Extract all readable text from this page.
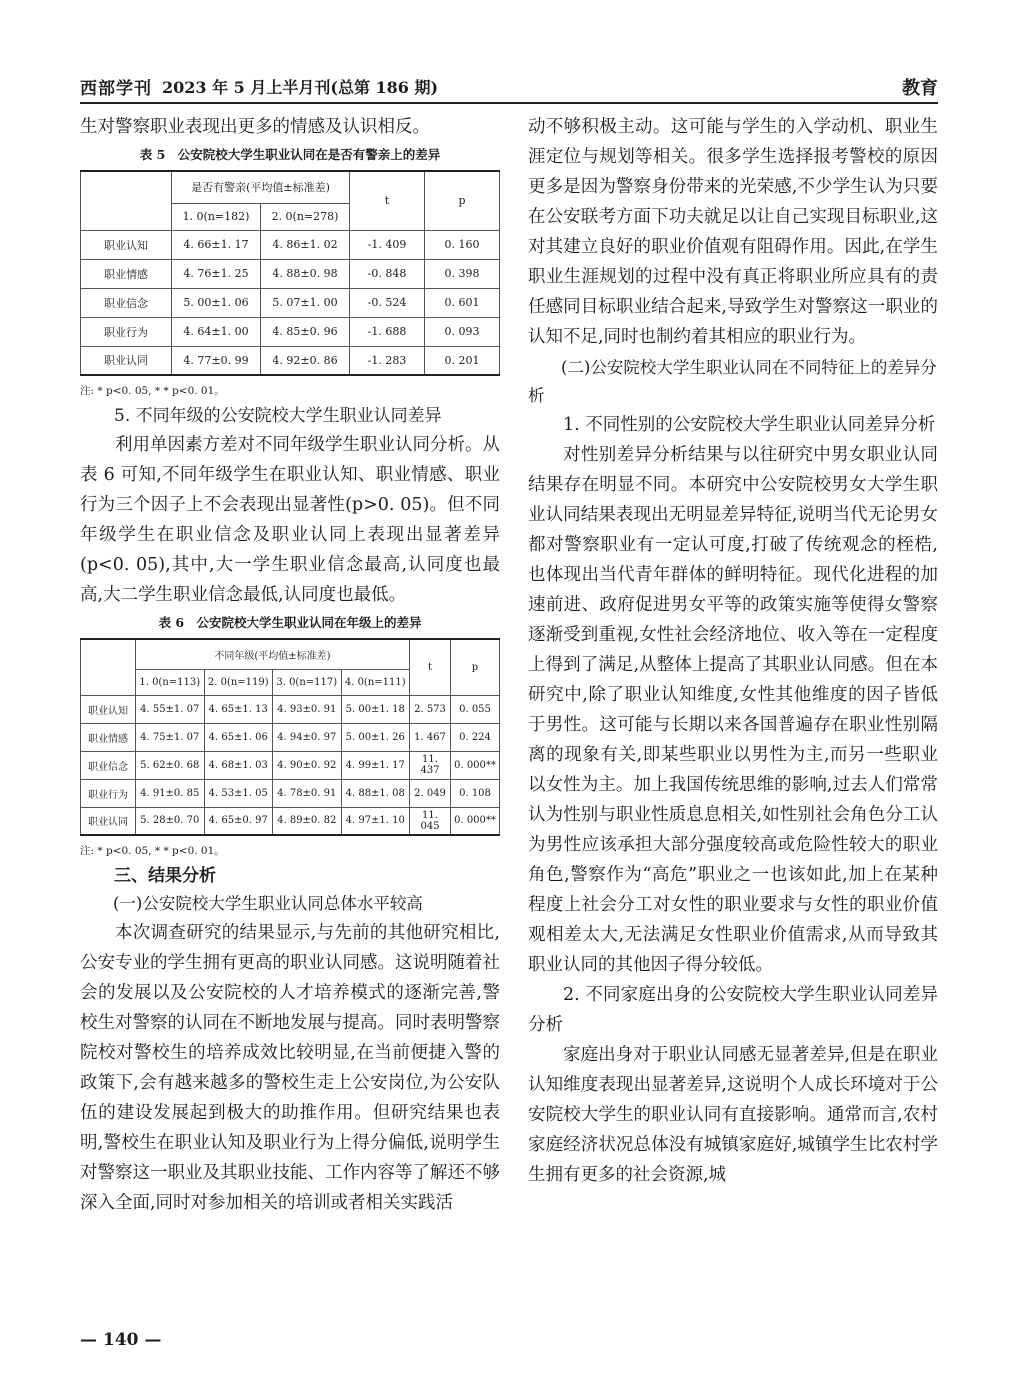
西部学刊 2023 年 5 月上半月刊(总第 186 期)	教育

生对警察职业表现出更多的情感及认识相反。

表 5　公安院校大学生职业认同在是否有警亲上的差异
	是否有警亲(平均值±标准差)		t	p
	1. 0(n=182)	2. 0(n=278)		
职业认知	4. 66±1. 17	4. 86±1. 02	-1. 409	0. 160
职业情感	4. 76±1. 25	4. 88±0. 98	-0. 848	0. 398
职业信念	5. 00±1. 06	5. 07±1. 00	-0. 524	0. 601
职业行为	4. 64±1. 00	4. 85±0. 96	-1. 688	0. 093
职业认同	4. 77±0. 99	4. 92±0. 86	-1. 283	0. 201
注: * p<0. 05, * * p<0. 01。

5. 不同年级的公安院校大学生职业认同差异

利用单因素方差对不同年级学生职业认同分析。从表 6 可知,不同年级学生在职业认知、职业情感、职业行为三个因子上不会表现出显著性(p>0. 05)。但不同年级学生在职业信念及职业认同上表现出显著差异(p<0. 05),其中,大一学生职业信念最高,认同度也最高,大二学生职业信念最低,认同度也最低。

表 6　公安院校大学生职业认同在年级上的差异
	不同年级(平均值±标准差)				t	p
	1. 0(n=113)	2. 0(n=119)	3. 0(n=117)	4. 0(n=111)		
职业认知	4. 55±1. 07	4. 65±1. 13	4. 93±0. 91	5. 00±1. 18	2. 573	0. 055
职业情感	4. 75±1. 07	4. 65±1. 06	4. 94±0. 97	5. 00±1. 26	1. 467	0. 224
职业信念	5. 62±0. 68	4. 68±1. 03	4. 90±0. 92	4. 99±1. 17	11. 437	0. 000**
职业行为	4. 91±0. 85	4. 53±1. 05	4. 78±0. 91	4. 88±1. 08	2. 049	0. 108
职业认同	5. 28±0. 70	4. 65±0. 97	4. 89±0. 82	4. 97±1. 10	11. 045	0. 000**
注: * p<0. 05, * * p<0. 01。

三、结果分析

(一)公安院校大学生职业认同总体水平较高

本次调查研究的结果显示,与先前的其他研究相比,公安专业的学生拥有更高的职业认同感。这说明随着社会的发展以及公安院校的人才培养模式的逐渐完善,警校生对警察的认同在不断地发展与提高。同时表明警察院校对警校生的培养成效比较明显,在当前便捷入警的政策下,会有越来越多的警校生走上公安岗位,为公安队伍的建设发展起到极大的助推作用。但研究结果也表明,警校生在职业认知及职业行为上得分偏低,说明学生对警察这一职业及其职业技能、工作内容等了解还不够深入全面,同时对参加相关的培训或者相关实践活

动不够积极主动。这可能与学生的入学动机、职业生涯定位与规划等相关。很多学生选择报考警校的原因更多是因为警察身份带来的光荣感,不少学生认为只要在公安联考方面下功夫就足以让自己实现目标职业,这对其建立良好的职业价值观有阻碍作用。因此,在学生职业生涯规划的过程中没有真正将职业所应具有的责任感同目标职业结合起来,导致学生对警察这一职业的认知不足,同时也制约着其相应的职业行为。

(二)公安院校大学生职业认同在不同特征上的差异分析

1. 不同性别的公安院校大学生职业认同差异分析

对性别差异分析结果与以往研究中男女职业认同结果存在明显不同。本研究中公安院校男女大学生职业认同结果表现出无明显差异特征,说明当代无论男女都对警察职业有一定认可度,打破了传统观念的桎梏,也体现出当代青年群体的鲜明特征。现代化进程的加速前进、政府促进男女平等的政策实施等使得女警察逐渐受到重视,女性社会经济地位、收入等在一定程度上得到了满足,从整体上提高了其职业认同感。但在本研究中,除了职业认知维度,女性其他维度的因子皆低于男性。这可能与长期以来各国普遍存在职业性别隔离的现象有关,即某些职业以男性为主,而另一些职业以女性为主。加上我国传统思维的影响,过去人们常常认为性别与职业性质息息相关,如性别社会角色分工认为男性应该承担大部分强度较高或危险性较大的职业角色,警察作为“高危”职业之一也该如此,加上在某种程度上社会分工对女性的职业要求与女性的职业价值观相差太大,无法满足女性职业价值需求,从而导致其职业认同的其他因子得分较低。

2. 不同家庭出身的公安院校大学生职业认同差异分析

家庭出身对于职业认同感无显著差异,但是在职业认知维度表现出显著差异,这说明个人成长环境对于公安院校大学生的职业认同有直接影响。通常而言,农村家庭经济状况总体没有城镇家庭好,城镇学生比农村学生拥有更多的社会资源,城

— 140 —
